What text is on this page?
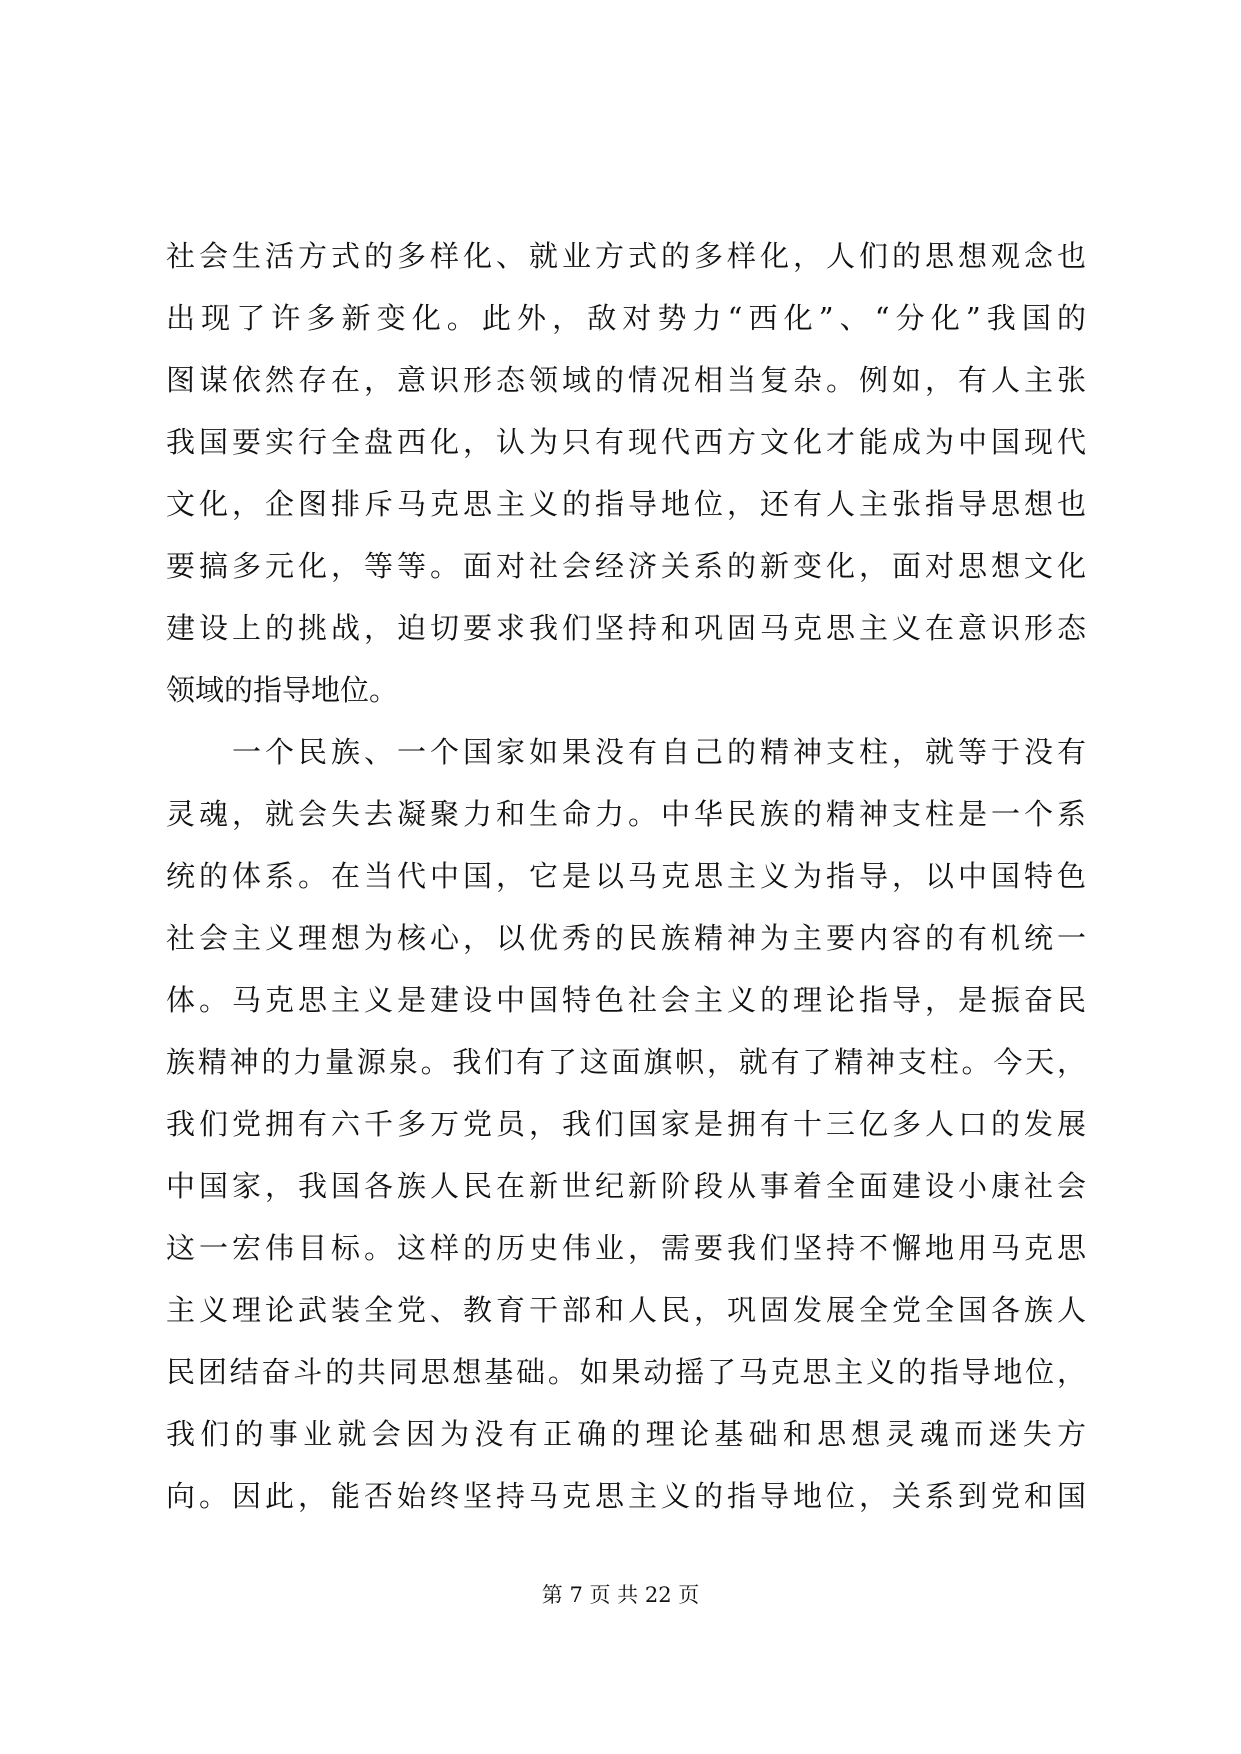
社会生活方式的多样化、就业方式的多样化，人们的思想观念也
出现了许多新变化。此外，敌对势力“西化”、“分化”我国的
图谋依然存在，意识形态领域的情况相当复杂。例如，有人主张
我国要实行全盘西化，认为只有现代西方文化才能成为中国现代
文化，企图排斥马克思主义的指导地位，还有人主张指导思想也
要搞多元化，等等。面对社会经济关系的新变化，面对思想文化
建设上的挑战，迫切要求我们坚持和巩固马克思主义在意识形态
领域的指导地位。
一个民族、一个国家如果没有自己的精神支柱，就等于没有
灵魂，就会失去凝聚力和生命力。中华民族的精神支柱是一个系
统的体系。在当代中国，它是以马克思主义为指导，以中国特色
社会主义理想为核心，以优秀的民族精神为主要内容的有机统一
体。马克思主义是建设中国特色社会主义的理论指导，是振奋民
族精神的力量源泉。我们有了这面旗帜，就有了精神支柱。今天，
我们党拥有六千多万党员，我们国家是拥有十三亿多人口的发展
中国家，我国各族人民在新世纪新阶段从事着全面建设小康社会
这一宏伟目标。这样的历史伟业，需要我们坚持不懈地用马克思
主义理论武装全党、教育干部和人民，巩固发展全党全国各族人
民团结奋斗的共同思想基础。如果动摇了马克思主义的指导地位，
我们的事业就会因为没有正确的理论基础和思想灵魂而迷失方
向。因此，能否始终坚持马克思主义的指导地位，关系到党和国
第 7 页 共 22 页
